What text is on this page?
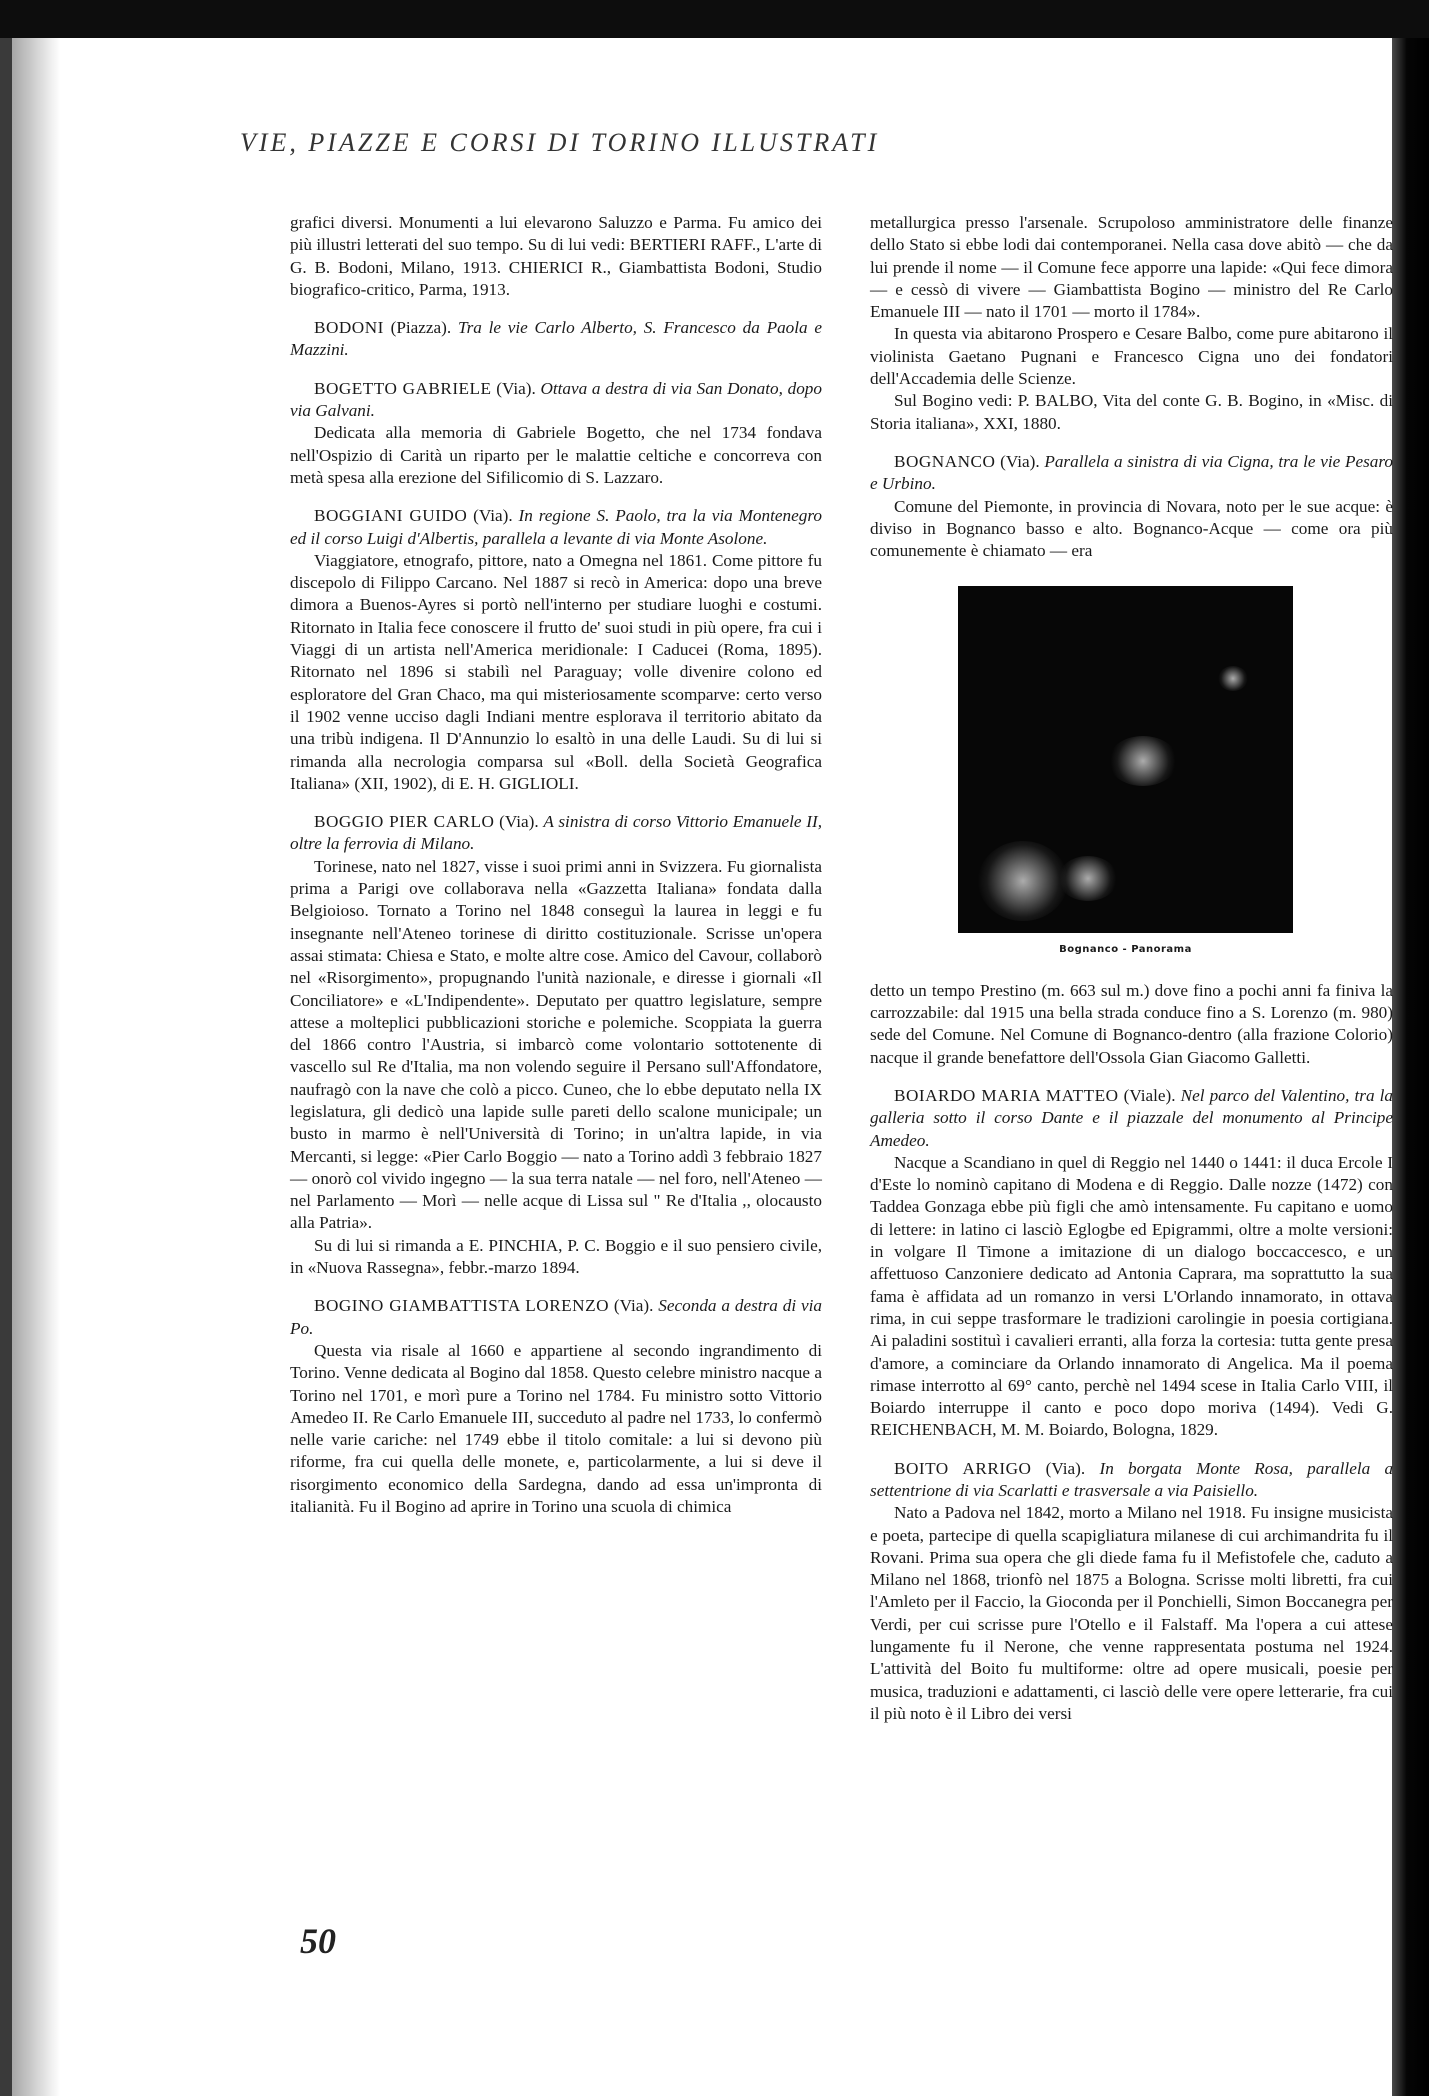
VIE, PIAZZE E CORSI DI TORINO ILLUSTRATI

grafici diversi. Monumenti a lui elevarono Saluzzo e Parma. Fu amico dei più illustri letterati del suo tempo. Su di lui vedi: BERTIERI RAFF., L'arte di G. B. Bodoni, Milano, 1913. CHIERICI R., Giambattista Bodoni, Studio biografico-critico, Parma, 1913.

BODONI (Piazza). Tra le vie Carlo Alberto, S. Francesco da Paola e Mazzini.

BOGETTO GABRIELE (Via). Ottava a destra di via San Donato, dopo via Galvani.

Dedicata alla memoria di Gabriele Bogetto, che nel 1734 fondava nell'Ospizio di Carità un riparto per le malattie celtiche e concorreva con metà spesa alla erezione del Sifilicomio di S. Lazzaro.

BOGGIANI GUIDO (Via). In regione S. Paolo, tra la via Montenegro ed il corso Luigi d'Albertis, parallela a levante di via Monte Asolone.

Viaggiatore, etnografo, pittore, nato a Omegna nel 1861. Come pittore fu discepolo di Filippo Carcano. Nel 1887 si recò in America: dopo una breve dimora a Buenos-Ayres si portò nell'interno per studiare luoghi e costumi. Ritornato in Italia fece conoscere il frutto de' suoi studi in più opere, fra cui i Viaggi di un artista nell'America meridionale: I Caducei (Roma, 1895). Ritornato nel 1896 si stabilì nel Paraguay; volle divenire colono ed esploratore del Gran Chaco, ma qui misteriosamente scomparve: certo verso il 1902 venne ucciso dagli Indiani mentre esplorava il territorio abitato da una tribù indigena. Il D'Annunzio lo esaltò in una delle Laudi. Su di lui si rimanda alla necrologia comparsa sul «Boll. della Società Geografica Italiana» (XII, 1902), di E. H. GIGLIOLI.

BOGGIO PIER CARLO (Via). A sinistra di corso Vittorio Emanuele II, oltre la ferrovia di Milano.

Torinese, nato nel 1827, visse i suoi primi anni in Svizzera. Fu giornalista prima a Parigi ove collaborava nella «Gazzetta Italiana» fondata dalla Belgioioso. Tornato a Torino nel 1848 conseguì la laurea in leggi e fu insegnante nell'Ateneo torinese di diritto costituzionale. Scrisse un'opera assai stimata: Chiesa e Stato, e molte altre cose. Amico del Cavour, collaborò nel «Risorgimento», propugnando l'unità nazionale, e diresse i giornali «Il Conciliatore» e «L'Indipendente». Deputato per quattro legislature, sempre attese a molteplici pubblicazioni storiche e polemiche. Scoppiata la guerra del 1866 contro l'Austria, si imbarcò come volontario sottotenente di vascello sul Re d'Italia, ma non volendo seguire il Persano sull'Affondatore, naufragò con la nave che colò a picco. Cuneo, che lo ebbe deputato nella IX legislatura, gli dedicò una lapide sulle pareti dello scalone municipale; un busto in marmo è nell'Università di Torino; in un'altra lapide, in via Mercanti, si legge: «Pier Carlo Boggio — nato a Torino addì 3 febbraio 1827 — onorò col vivido ingegno — la sua terra natale — nel foro, nell'Ateneo — nel Parlamento — Morì — nelle acque di Lissa sul " Re d'Italia ,, olocausto alla Patria».

Su di lui si rimanda a E. PINCHIA, P. C. Boggio e il suo pensiero civile, in «Nuova Rassegna», febbr.-marzo 1894.

BOGINO GIAMBATTISTA LORENZO (Via). Seconda a destra di via Po.

Questa via risale al 1660 e appartiene al secondo ingrandimento di Torino. Venne dedicata al Bogino dal 1858. Questo celebre ministro nacque a Torino nel 1701, e morì pure a Torino nel 1784. Fu ministro sotto Vittorio Amedeo II. Re Carlo Emanuele III, succeduto al padre nel 1733, lo confermò nelle varie cariche: nel 1749 ebbe il titolo comitale: a lui si devono più riforme, fra cui quella delle monete, e, particolarmente, a lui si deve il risorgimento economico della Sardegna, dando ad essa un'impronta di italianità. Fu il Bogino ad aprire in Torino una scuola di chimica

metallurgica presso l'arsenale. Scrupoloso amministratore delle finanze dello Stato si ebbe lodi dai contemporanei. Nella casa dove abitò — che da lui prende il nome — il Comune fece apporre una lapide: «Qui fece dimora — e cessò di vivere — Giambattista Bogino — ministro del Re Carlo Emanuele III — nato il 1701 — morto il 1784».

In questa via abitarono Prospero e Cesare Balbo, come pure abitarono il violinista Gaetano Pugnani e Francesco Cigna uno dei fondatori dell'Accademia delle Scienze.

Sul Bogino vedi: P. BALBO, Vita del conte G. B. Bogino, in «Misc. di Storia italiana», XXI, 1880.

BOGNANCO (Via). Parallela a sinistra di via Cigna, tra le vie Pesaro e Urbino.

Comune del Piemonte, in provincia di Novara, noto per le sue acque: è diviso in Bognanco basso e alto. Bognanco-Acque — come ora più comunemente è chiamato — era

Bognanco - Panorama

detto un tempo Prestino (m. 663 sul m.) dove fino a pochi anni fa finiva la carrozzabile: dal 1915 una bella strada conduce fino a S. Lorenzo (m. 980) sede del Comune. Nel Comune di Bognanco-dentro (alla frazione Colorio) nacque il grande benefattore dell'Ossola Gian Giacomo Galletti.

BOIARDO MARIA MATTEO (Viale). Nel parco del Valentino, tra la galleria sotto il corso Dante e il piazzale del monumento al Principe Amedeo.

Nacque a Scandiano in quel di Reggio nel 1440 o 1441: il duca Ercole I d'Este lo nominò capitano di Modena e di Reggio. Dalle nozze (1472) con Taddea Gonzaga ebbe più figli che amò intensamente. Fu capitano e uomo di lettere: in latino ci lasciò Eglogbe ed Epigrammi, oltre a molte versioni: in volgare Il Timone a imitazione di un dialogo boccaccesco, e un affettuoso Canzoniere dedicato ad Antonia Caprara, ma soprattutto la sua fama è affidata ad un romanzo in versi L'Orlando innamorato, in ottava rima, in cui seppe trasformare le tradizioni carolingie in poesia cortigiana. Ai paladini sostituì i cavalieri erranti, alla forza la cortesia: tutta gente presa d'amore, a cominciare da Orlando innamorato di Angelica. Ma il poema rimase interrotto al 69° canto, perchè nel 1494 scese in Italia Carlo VIII, il Boiardo interruppe il canto e poco dopo moriva (1494). Vedi G. REICHENBACH, M. M. Boiardo, Bologna, 1829.

BOITO ARRIGO (Via). In borgata Monte Rosa, parallela a settentrione di via Scarlatti e trasversale a via Paisiello.

Nato a Padova nel 1842, morto a Milano nel 1918. Fu insigne musicista e poeta, partecipe di quella scapigliatura milanese di cui archimandrita fu il Rovani. Prima sua opera che gli diede fama fu il Mefistofele che, caduto a Milano nel 1868, trionfò nel 1875 a Bologna. Scrisse molti libretti, fra cui l'Amleto per il Faccio, la Gioconda per il Ponchielli, Simon Boccanegra per Verdi, per cui scrisse pure l'Otello e il Falstaff. Ma l'opera a cui attese lungamente fu il Nerone, che venne rappresentata postuma nel 1924. L'attività del Boito fu multiforme: oltre ad opere musicali, poesie per musica, traduzioni e adattamenti, ci lasciò delle vere opere letterarie, fra cui il più noto è il Libro dei versi

50
